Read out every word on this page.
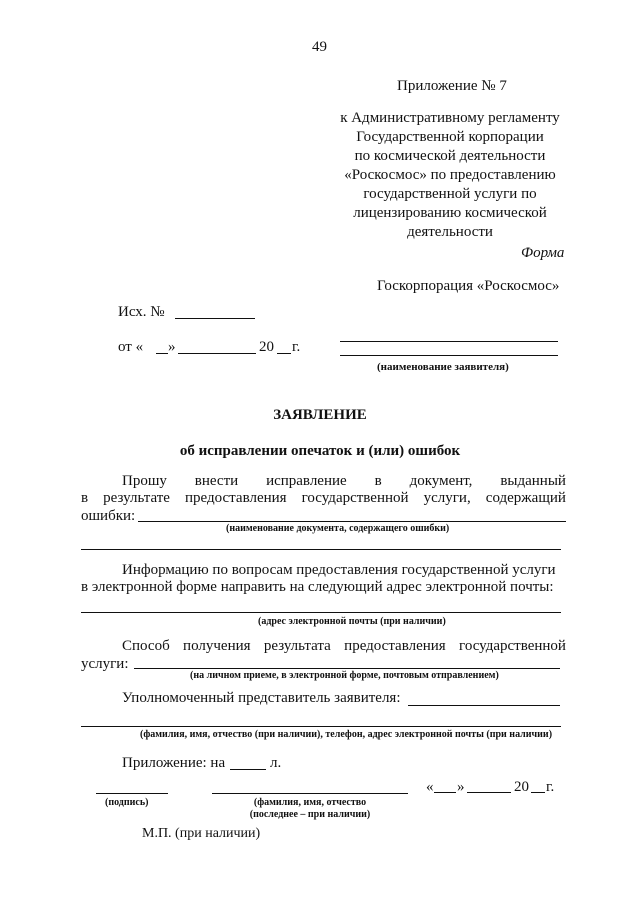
49
Приложение № 7
к Административному регламенту
Государственной корпорации
по космической деятельности
«Роскосмос» по предоставлению
государственной услуги по
лицензированию космической
деятельности
Форма
Госкорпорация «Роскосмос»
Исх. №
от « »	20 г.
(наименование заявителя)
ЗАЯВЛЕНИЕ
об исправлении опечаток и (или) ошибок
Прошу внести исправление в документ, выданный
в результате предоставления государственной услуги, содержащий
ошибки:
(наименование документа, содержащего ошибки)
Информацию по вопросам предоставления государственной услуги
в электронной форме направить на следующий адрес электронной почты:
(адрес электронной почты (при наличии)
Способ получения результата предоставления государственной
услуги:
(на личном приеме, в электронной форме, почтовым отправлением)
Уполномоченный представитель заявителя:
(фамилия, имя, отчество (при наличии), телефон, адрес электронной почты (при наличии)
Приложение: на	л.
(подпись)	(фамилия, имя, отчество
(последнее – при наличии)
« »	20 г.
М.П. (при наличии)
